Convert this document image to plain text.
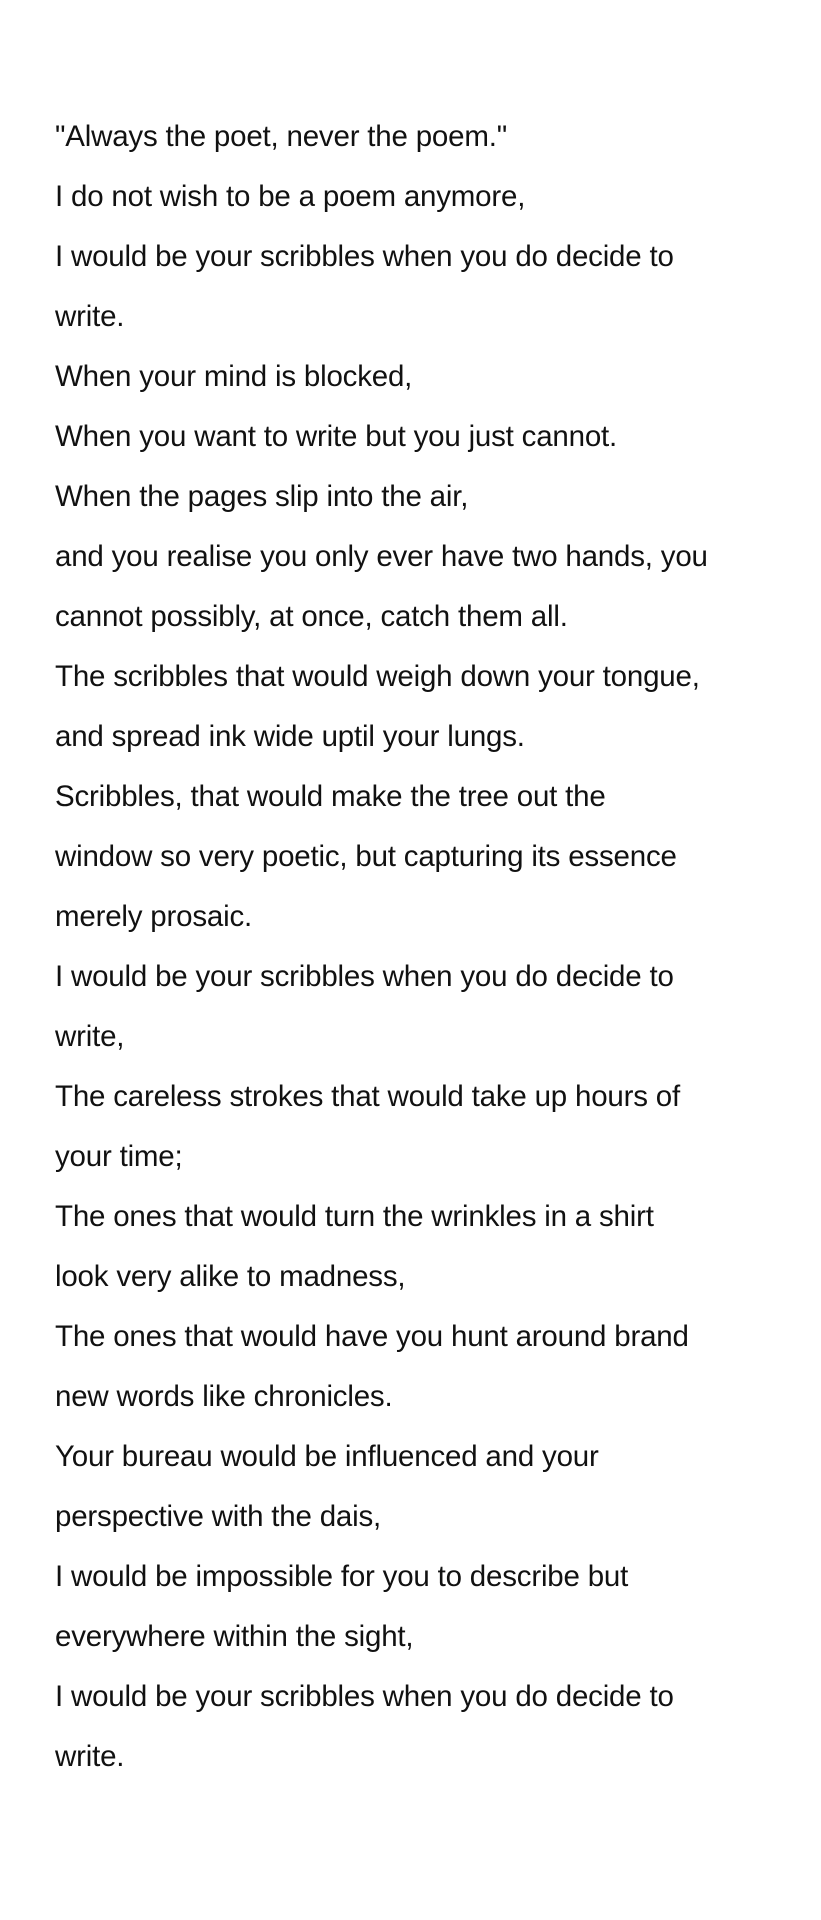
"Always the poet, never the poem."
I do not wish to be a poem anymore,
I would be your scribbles when you do decide to
write.
When your mind is blocked,
When you want to write but you just cannot.
When the pages slip into the air,
and you realise you only ever have two hands, you
cannot possibly, at once, catch them all.
The scribbles that would weigh down your tongue,
and spread ink wide uptil your lungs.
Scribbles, that would make the tree out the
window so very poetic, but capturing its essence
merely prosaic.
I would be your scribbles when you do decide to
write,
The careless strokes that would take up hours of
your time;
The ones that would turn the wrinkles in a shirt
look very alike to madness,
The ones that would have you hunt around brand
new words like chronicles.
Your bureau would be influenced and your
perspective with the dais,
I would be impossible for you to describe but
everywhere within the sight,
I would be your scribbles when you do decide to
write.
